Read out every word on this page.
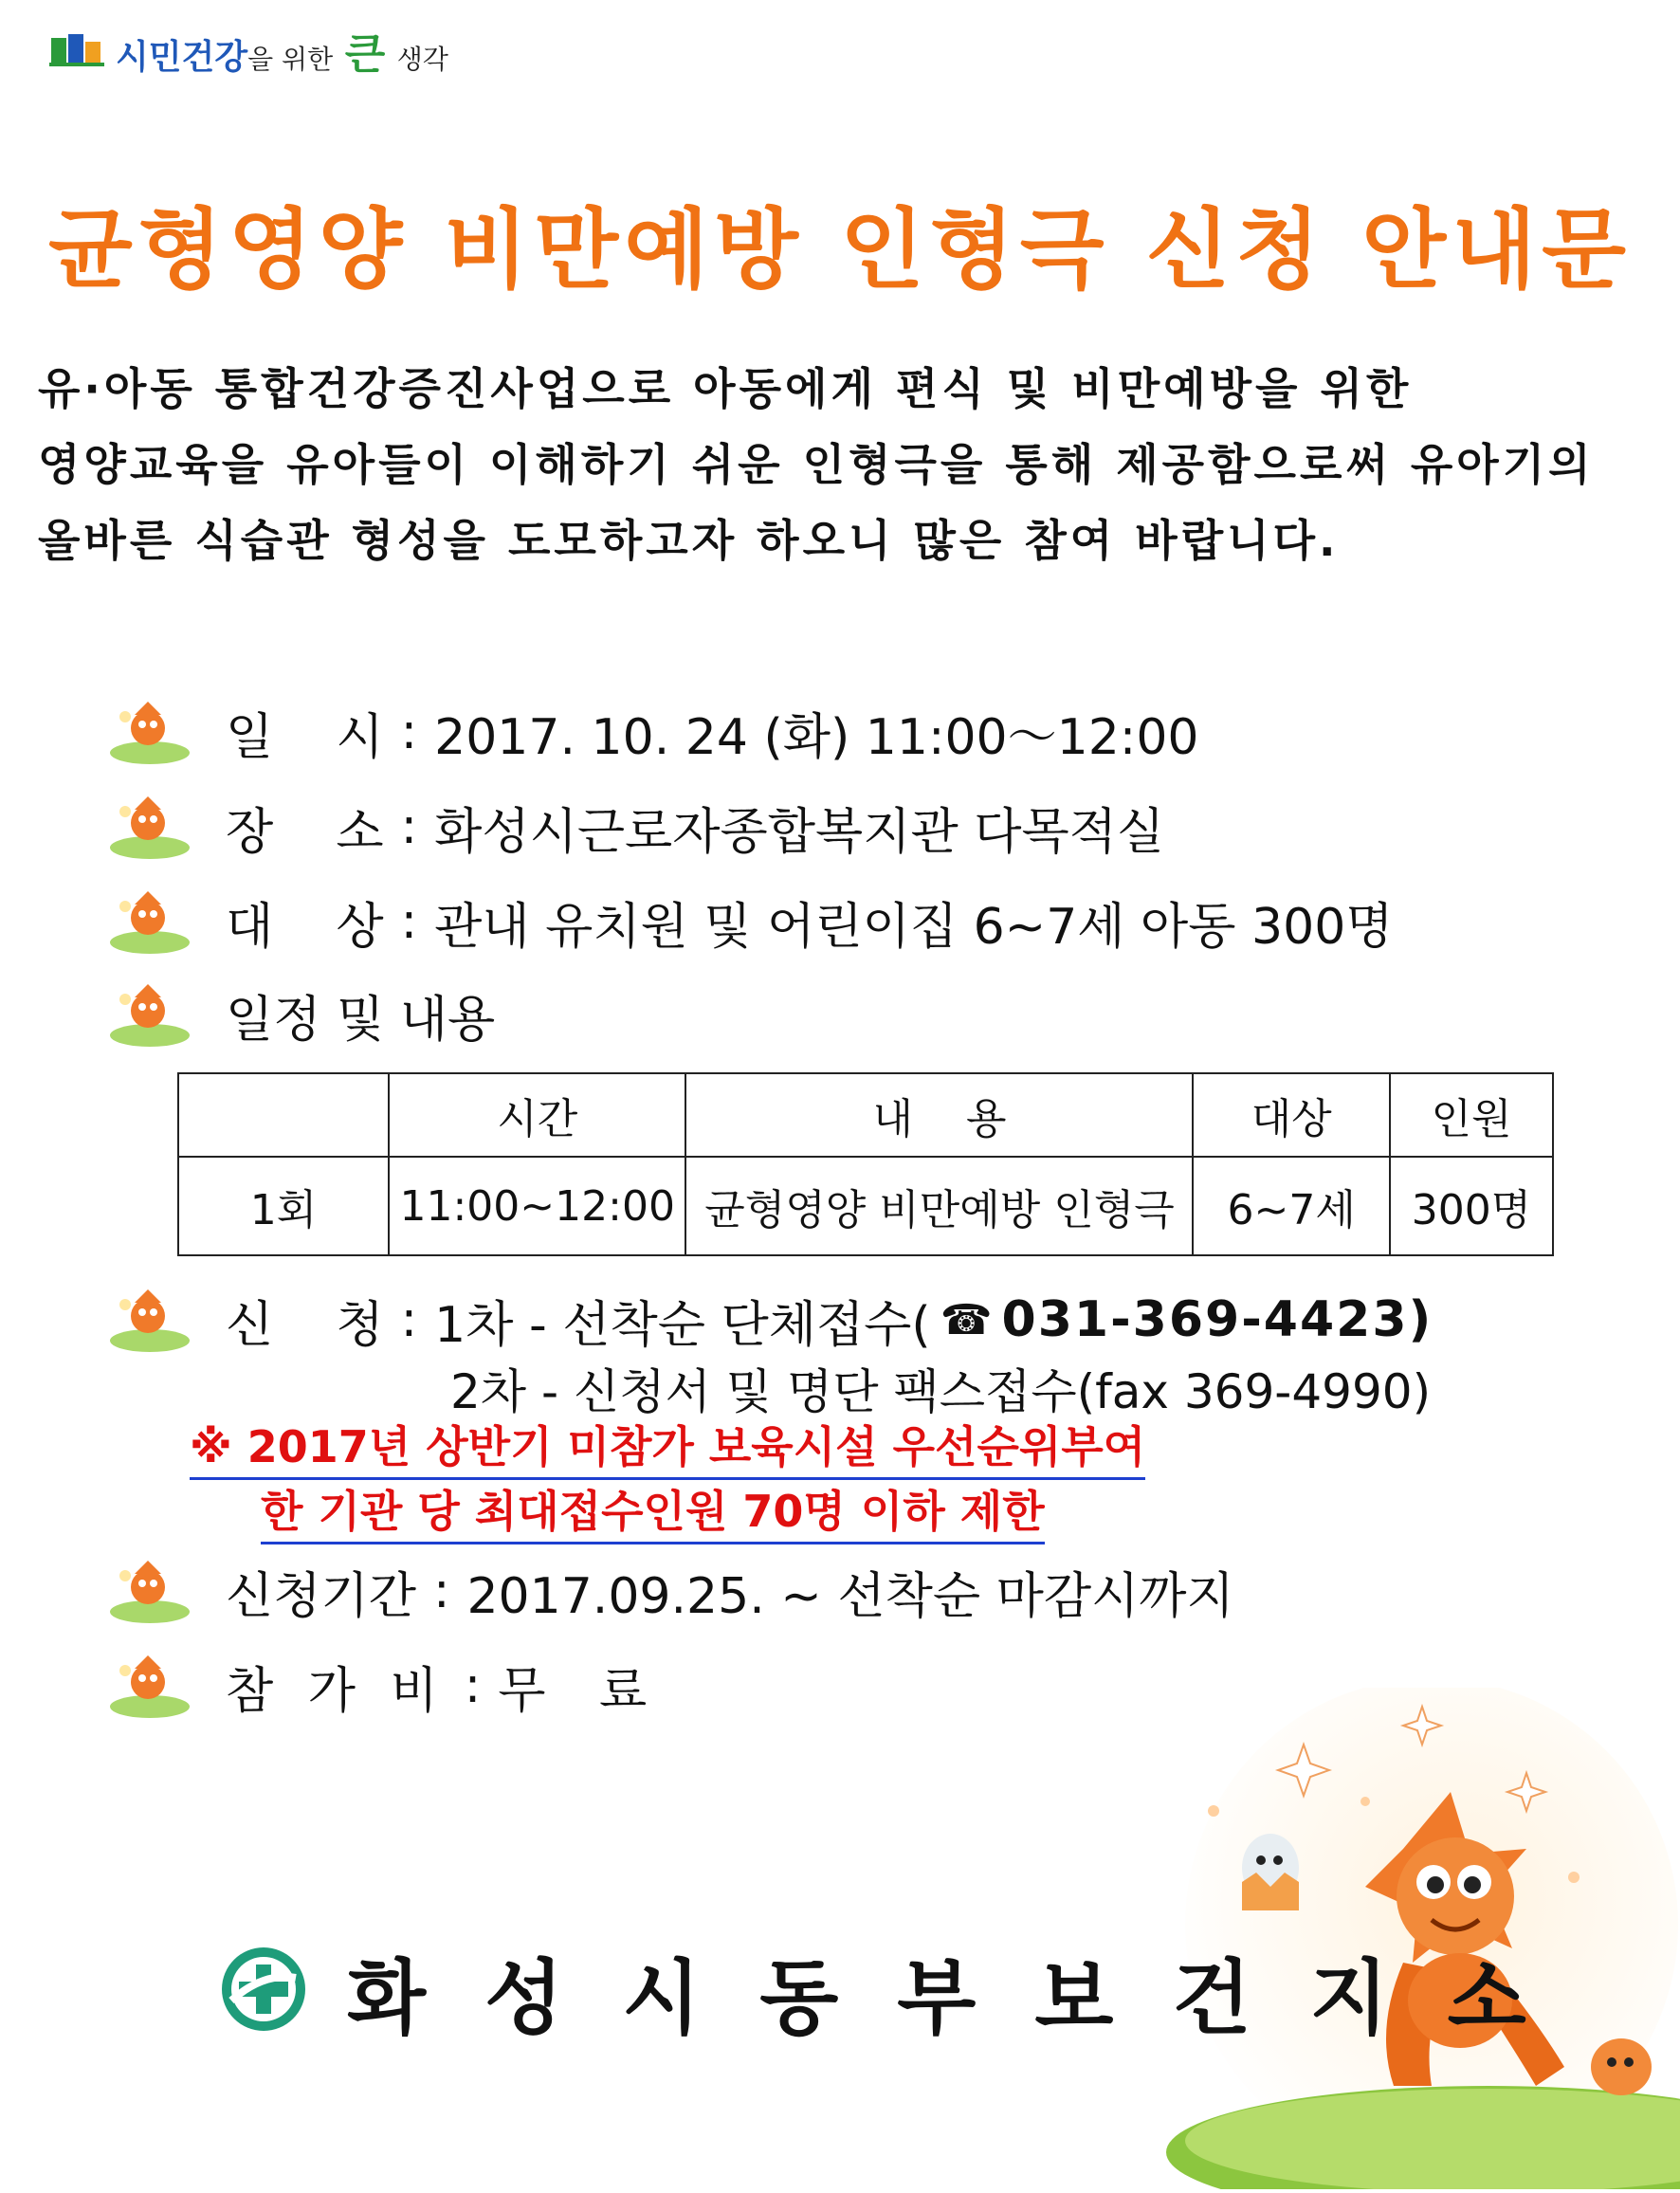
시민건강을 위한 큰 생각
균형영양 비만예방 인형극 신청 안내문
유·아동 통합건강증진사업으로 아동에게 편식 및 비만예방을 위한
영양교육을 유아들이 이해하기 쉬운 인형극을 통해 제공함으로써 유아기의
올바른 식습관 형성을 도모하고자 하오니 많은 참여 바랍니다.
일    시 : 2017. 10. 24 (화) 11:00～12:00
장    소 : 화성시근로자종합복지관 다목적실
대    상 : 관내 유치원 및 어린이집 6~7세 아동 300명
일정 및 내용
	시간	내    용	대상	인원
1회	11:00~12:00	균형영양 비만예방 인형극	6~7세	300명
신    청 : 1차 - 선착순 단체접수( ☎ 031-369-4423)
2차 - 신청서 및 명단 팩스접수(fax 369-4990)
※ 2017년 상반기 미참가 보육시설 우선순위부여
한 기관 당 최대접수인원 70명 이하 제한
신청기간 : 2017.09.25. ~ 선착순 마감시까지
참 가 비 : 무 료
화성시동부보건지소
